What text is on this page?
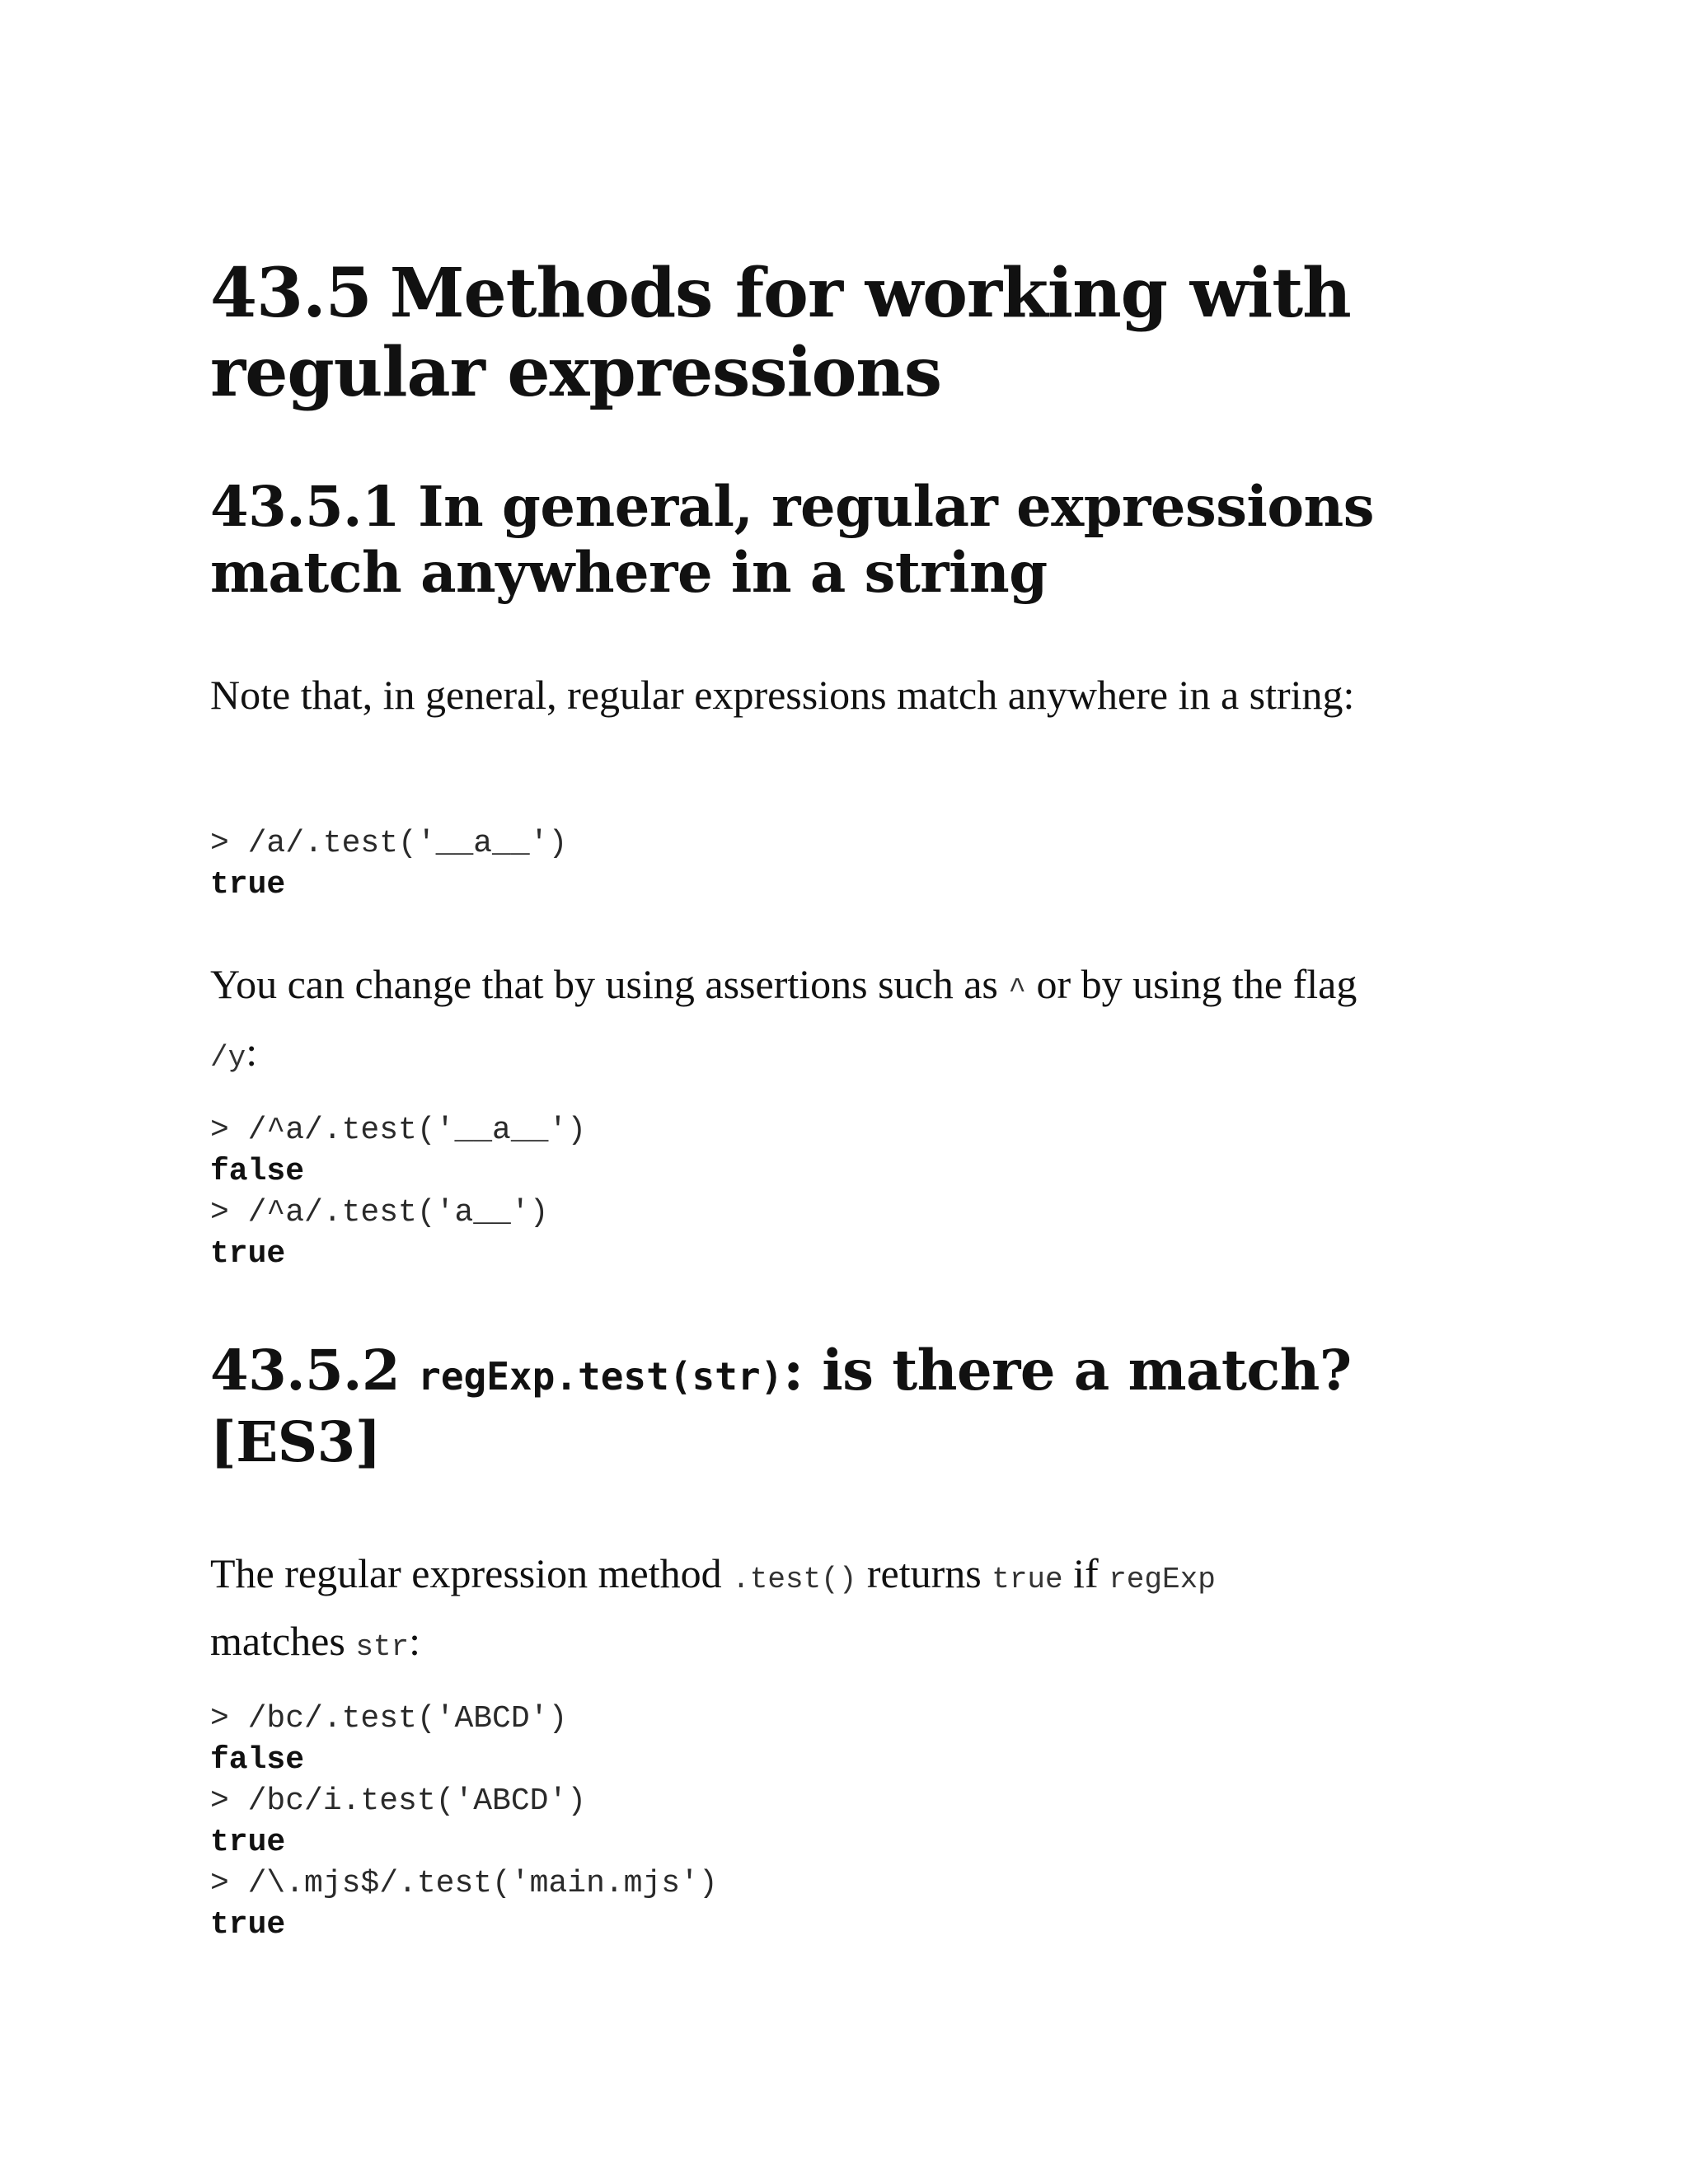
43.5 Methods for working with
regular expressions
43.5.1 In general, regular expressions
match anywhere in a string

Note that, in general, regular expressions match anywhere in a string:

> /a/.test('__a__')
true

You can change that by using assertions such as ^ or by using the flag
/y:

> /^a/.test('__a__')
false
> /^a/.test('a__')
true
43.5.2 regExp.test(str): is there a match?
[ES3]

The regular expression method .test() returns true if regExp
matches str:

> /bc/.test('ABCD')
false
> /bc/i.test('ABCD')
true
> /\.mjs$/.test('main.mjs')
true
